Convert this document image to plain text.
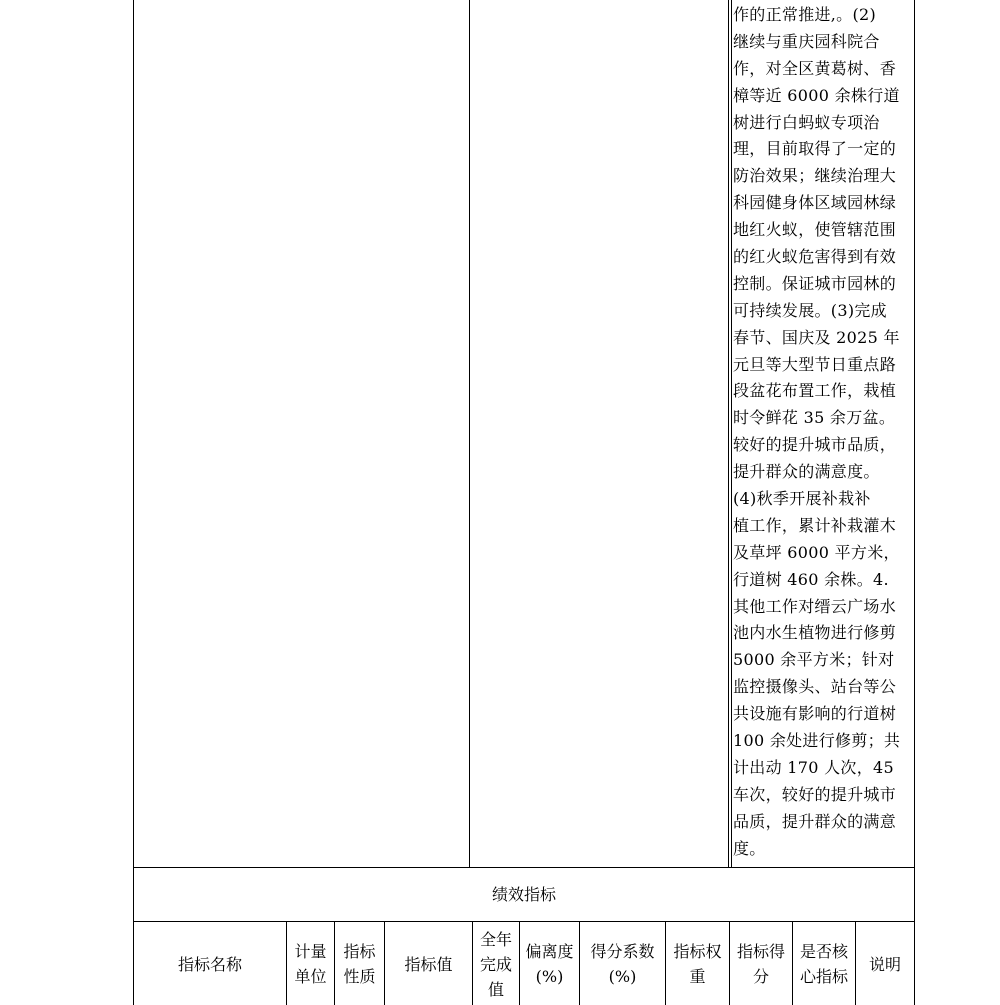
作的正常推进,。(2)
继续与重庆园科院合
作，对全区黄葛树、香
樟等近 6000 余株行道
树进行白蚂蚁专项治
理，目前取得了一定的
防治效果；继续治理大
科园健身体区域园林绿
地红火蚁，使管辖范围
的红火蚁危害得到有效
控制。保证城市园林的
可持续发展。(3)完成
春节、国庆及 2025 年
元旦等大型节日重点路
段盆花布置工作，栽植
时令鲜花 35 余万盆。
较好的提升城市品质，
提升群众的满意度。
(4)秋季开展补栽补
植工作，累计补栽灌木
及草坪 6000 平方米，
行道树 460 余株。4.
其他工作对缙云广场水
池内水生植物进行修剪
5000 余平方米；针对
监控摄像头、站台等公
共设施有影响的行道树
100 余处进行修剪；共
计出动 170 人次，45
车次，较好的提升城市
品质，提升群众的满意
度。
绩效指标
指标名称
计量
单位
指标
性质
指标值
全年
完成
值
偏离度
(%)
得分系数
(%)
指标权
重
指标得
分
是否核
心指标
说明
